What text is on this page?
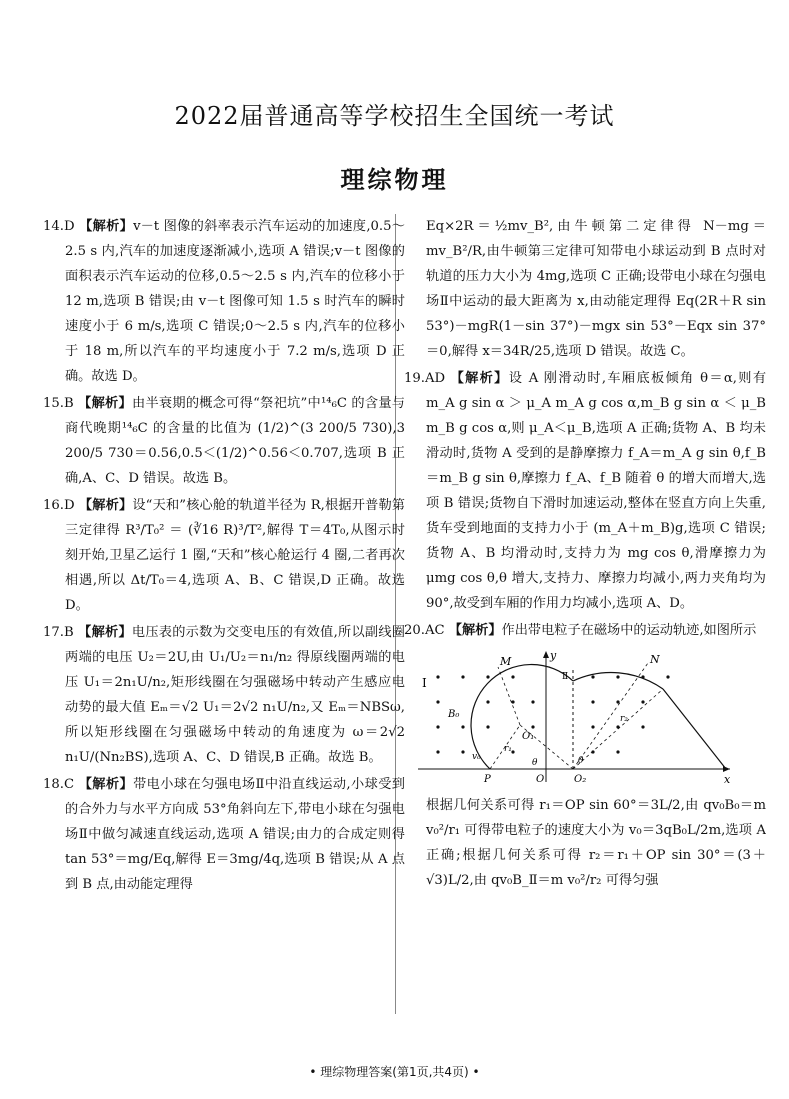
2022届普通高等学校招生全国统一考试
理综物理

14.D 【解析】v－t 图像的斜率表示汽车运动的加速度,0.5～2.5 s 内,汽车的加速度逐渐减小,选项 A 错误;v－t 图像的面积表示汽车运动的位移,0.5～2.5 s 内,汽车的位移小于 12 m,选项 B 错误;由 v－t 图像可知 1.5 s 时汽车的瞬时速度小于 6 m/s,选项 C 错误;0～2.5 s 内,汽车的位移小于 18 m,所以汽车的平均速度小于 7.2 m/s,选项 D 正确。故选 D。

15.B 【解析】由半衰期的概念可得“祭祀坑”中¹⁴₆C 的含量与商代晚期¹⁴₆C 的含量的比值为 (1/2)^(3 200/5 730),3 200/5 730＝0.56,0.5＜(1/2)^0.56＜0.707,选项 B 正确,A、C、D 错误。故选 B。

16.D 【解析】设“天和”核心舱的轨道半径为 R,根据开普勒第三定律得 R³/T₀² ＝ (∛16 R)³/T²,解得 T＝4T₀,从图示时刻开始,卫星乙运行 1 圈,“天和”核心舱运行 4 圈,二者再次相遇,所以 Δt/T₀＝4,选项 A、B、C 错误,D 正确。故选 D。

17.B 【解析】电压表的示数为交变电压的有效值,所以副线圈两端的电压 U₂＝2U,由 U₁/U₂＝n₁/n₂ 得原线圈两端的电压 U₁＝2n₁U/n₂,矩形线圈在匀强磁场中转动产生感应电动势的最大值 Eₘ＝√2 U₁＝2√2 n₁U/n₂,又 Eₘ＝NBSω,所以矩形线圈在匀强磁场中转动的角速度为 ω＝2√2 n₁U/(Nn₂BS),选项 A、C、D 错误,B 正确。故选 B。

18.C 【解析】带电小球在匀强电场Ⅱ中沿直线运动,小球受到的合外力与水平方向成 53°角斜向左下,带电小球在匀强电场Ⅱ中做匀减速直线运动,选项 A 错误;由力的合成定则得 tan 53°＝mg/Eq,解得 E＝3mg/4q,选项 B 错误;从 A 点到 B 点,由动能定理得

Eq×2R＝½mv_B²,由牛顿第二定律得 N－mg＝mv_B²/R,由牛顿第三定律可知带电小球运动到 B 点时对轨道的压力大小为 4mg,选项 C 正确;设带电小球在匀强电场Ⅱ中运动的最大距离为 x,由动能定理得 Eq(2R＋R sin 53°)－mgR(1－sin 37°)－mgx sin 53°－Eqx sin 37°＝0,解得 x＝34R/25,选项 D 错误。故选 C。

19.AD 【解析】设 A 刚滑动时,车厢底板倾角 θ＝α,则有 m_A g sin α ＞ μ_A m_A g cos α,m_B g sin α ＜ μ_B m_B g cos α,则 μ_A＜μ_B,选项 A 正确;货物 A、B 均未滑动时,货物 A 受到的是静摩擦力 f_A＝m_A g sin θ,f_B＝m_B g sin θ,摩擦力 f_A、f_B 随着 θ 的增大而增大,选项 B 错误;货物自下滑时加速运动,整体在竖直方向上失重,货车受到地面的支持力小于 (m_A＋m_B)g,选项 C 错误;货物 A、B 均滑动时,支持力为 mg cos θ,滑摩擦力为 μmg cos θ,θ 增大,支持力、摩擦力均减小,两力夹角均为 90°,故受到车厢的作用力均减小,选项 A、D。

20.AC 【解析】作出带电粒子在磁场中的运动轨迹,如图所示

y
x
M	N
I
B₀
O₁
O₂
O
P
v₀
r₁
r₂
θ	θ
Ⅱ

根据几何关系可得 r₁＝OP sin 60°＝3L/2,由 qv₀B₀＝m v₀²/r₁ 可得带电粒子的速度大小为 v₀＝3qB₀L/2m,选项 A 正确;根据几何关系可得 r₂＝r₁＋OP sin 30°＝(3＋√3)L/2,由 qv₀B_Ⅱ＝m v₀²/r₂ 可得匀强

• 理综物理答案(第1页,共4页) •
